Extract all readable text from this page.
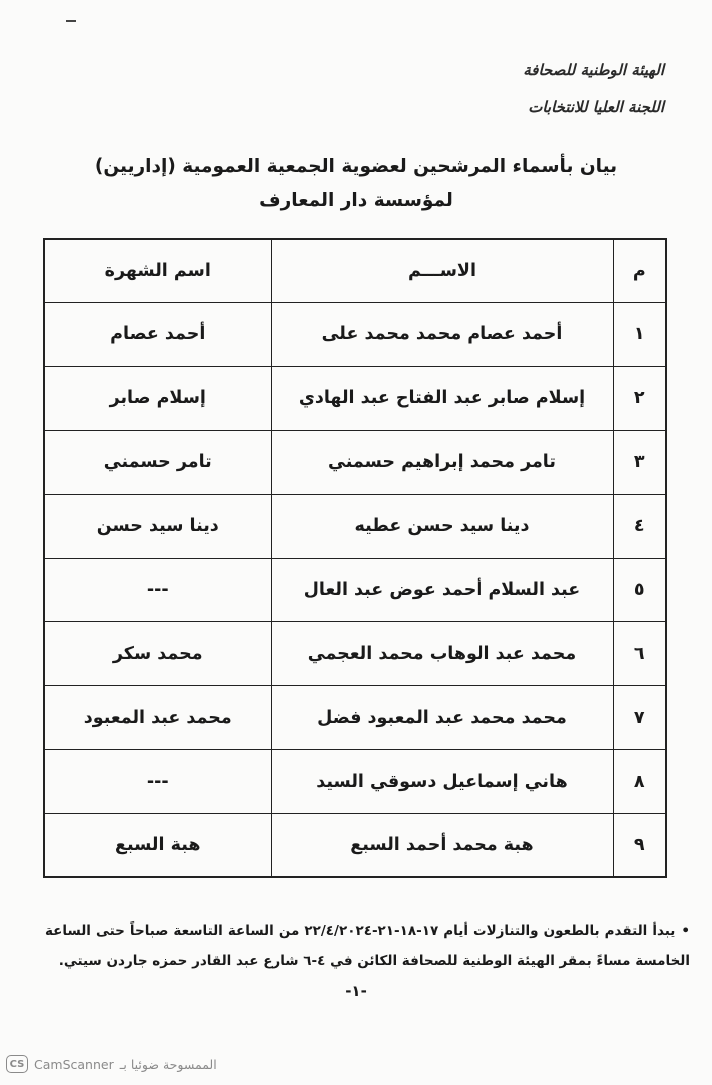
الهيئة الوطنية للصحافة
اللجنة العليا للانتخابات
بيان بأسماء المرشحين لعضوية الجمعية العمومية (إداريين)
لمؤسسة دار المعارف
م	الاســـم	اسم الشهرة
١	أحمد عصام محمد محمد على	أحمد عصام
٢	إسلام صابر عبد الفتاح عبد الهادي	إسلام صابر
٣	تامر محمد إبراهيم حسمني	تامر حسمني
٤	دينا سيد حسن عطيه	دينا سيد حسن
٥	عبد السلام أحمد عوض عبد العال	---
٦	محمد عبد الوهاب محمد العجمي	محمد سكر
٧	محمد محمد عبد المعبود فضل	محمد عبد المعبود
٨	هاني إسماعيل دسوقي السيد	---
٩	هبة محمد أحمد السبع	هبة السبع
•يبدأ التقدم بالطعون والتنازلات أيام ١٧-١٨-٢١-٢٢/٤/٢٠٢٤ من الساعة التاسعة صباحاً حتى الساعة الخامسة مساءً بمقر الهيئة الوطنية للصحافة الكائن في ٤-٦ شارع عبد القادر حمزه جاردن سيتي.
-١-
CS CamScanner الممسوحة ضوئيا بـ
